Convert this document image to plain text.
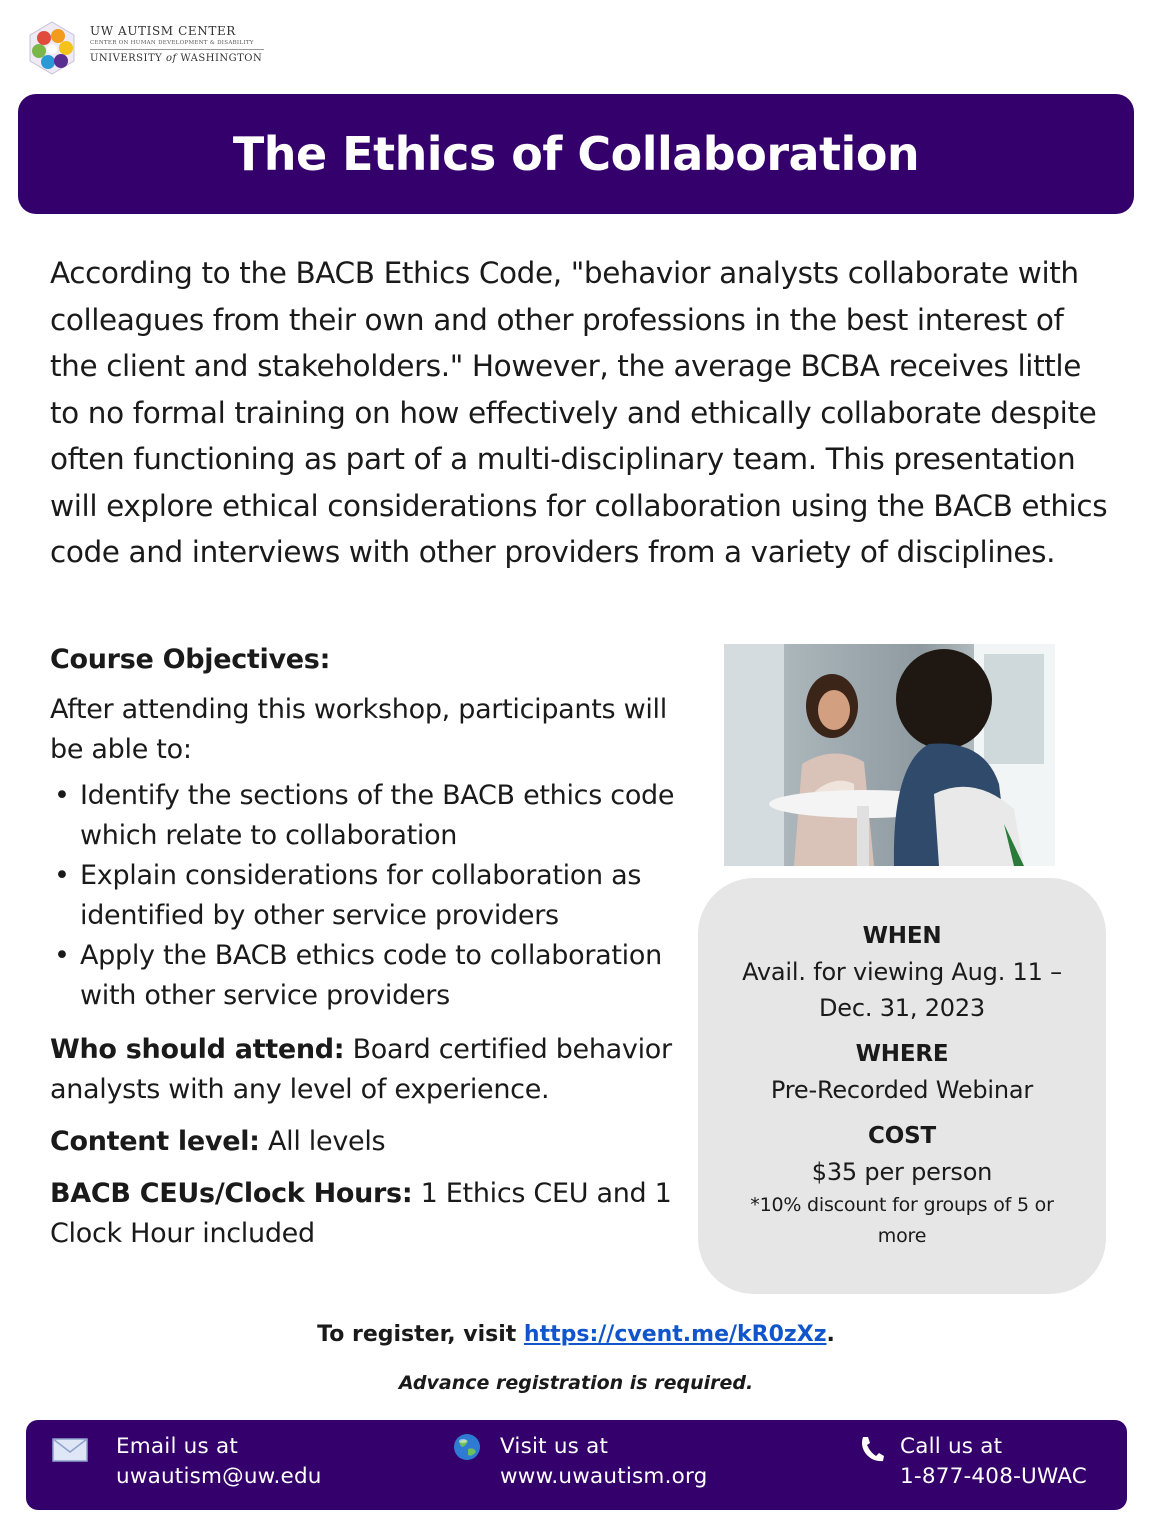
UW AUTISM CENTER
CENTER ON HUMAN DEVELOPMENT & DISABILITY
UNIVERSITY of WASHINGTON
The Ethics of Collaboration

According to the BACB Ethics Code, "behavior analysts collaborate with colleagues from their own and other professions in the best interest of the client and stakeholders." However, the average BCBA receives little to no formal training on how effectively and ethically collaborate despite often functioning as part of a multi-disciplinary team. This presentation will explore ethical considerations for collaboration using the BACB ethics code and interviews with other providers from a variety of disciplines.

Course Objectives:
After attending this workshop, participants will be able to:
• Identify the sections of the BACB ethics code which relate to collaboration
• Explain considerations for collaboration as identified by other service providers
• Apply the BACB ethics code to collaboration with other service providers
Who should attend: Board certified behavior analysts with any level of experience.
Content level: All levels
BACB CEUs/Clock Hours: 1 Ethics CEU and 1 Clock Hour included
WHEN
Avail. for viewing Aug. 11 – Dec. 31, 2023
WHERE
Pre-Recorded Webinar
COST
$35 per person
*10% discount for groups of 5 or more
To register, visit https://cvent.me/kR0zXz.
Advance registration is required.
Email us at
uwautism@uw.edu
Visit us at
www.uwautism.org
Call us at
1-877-408-UWAC
